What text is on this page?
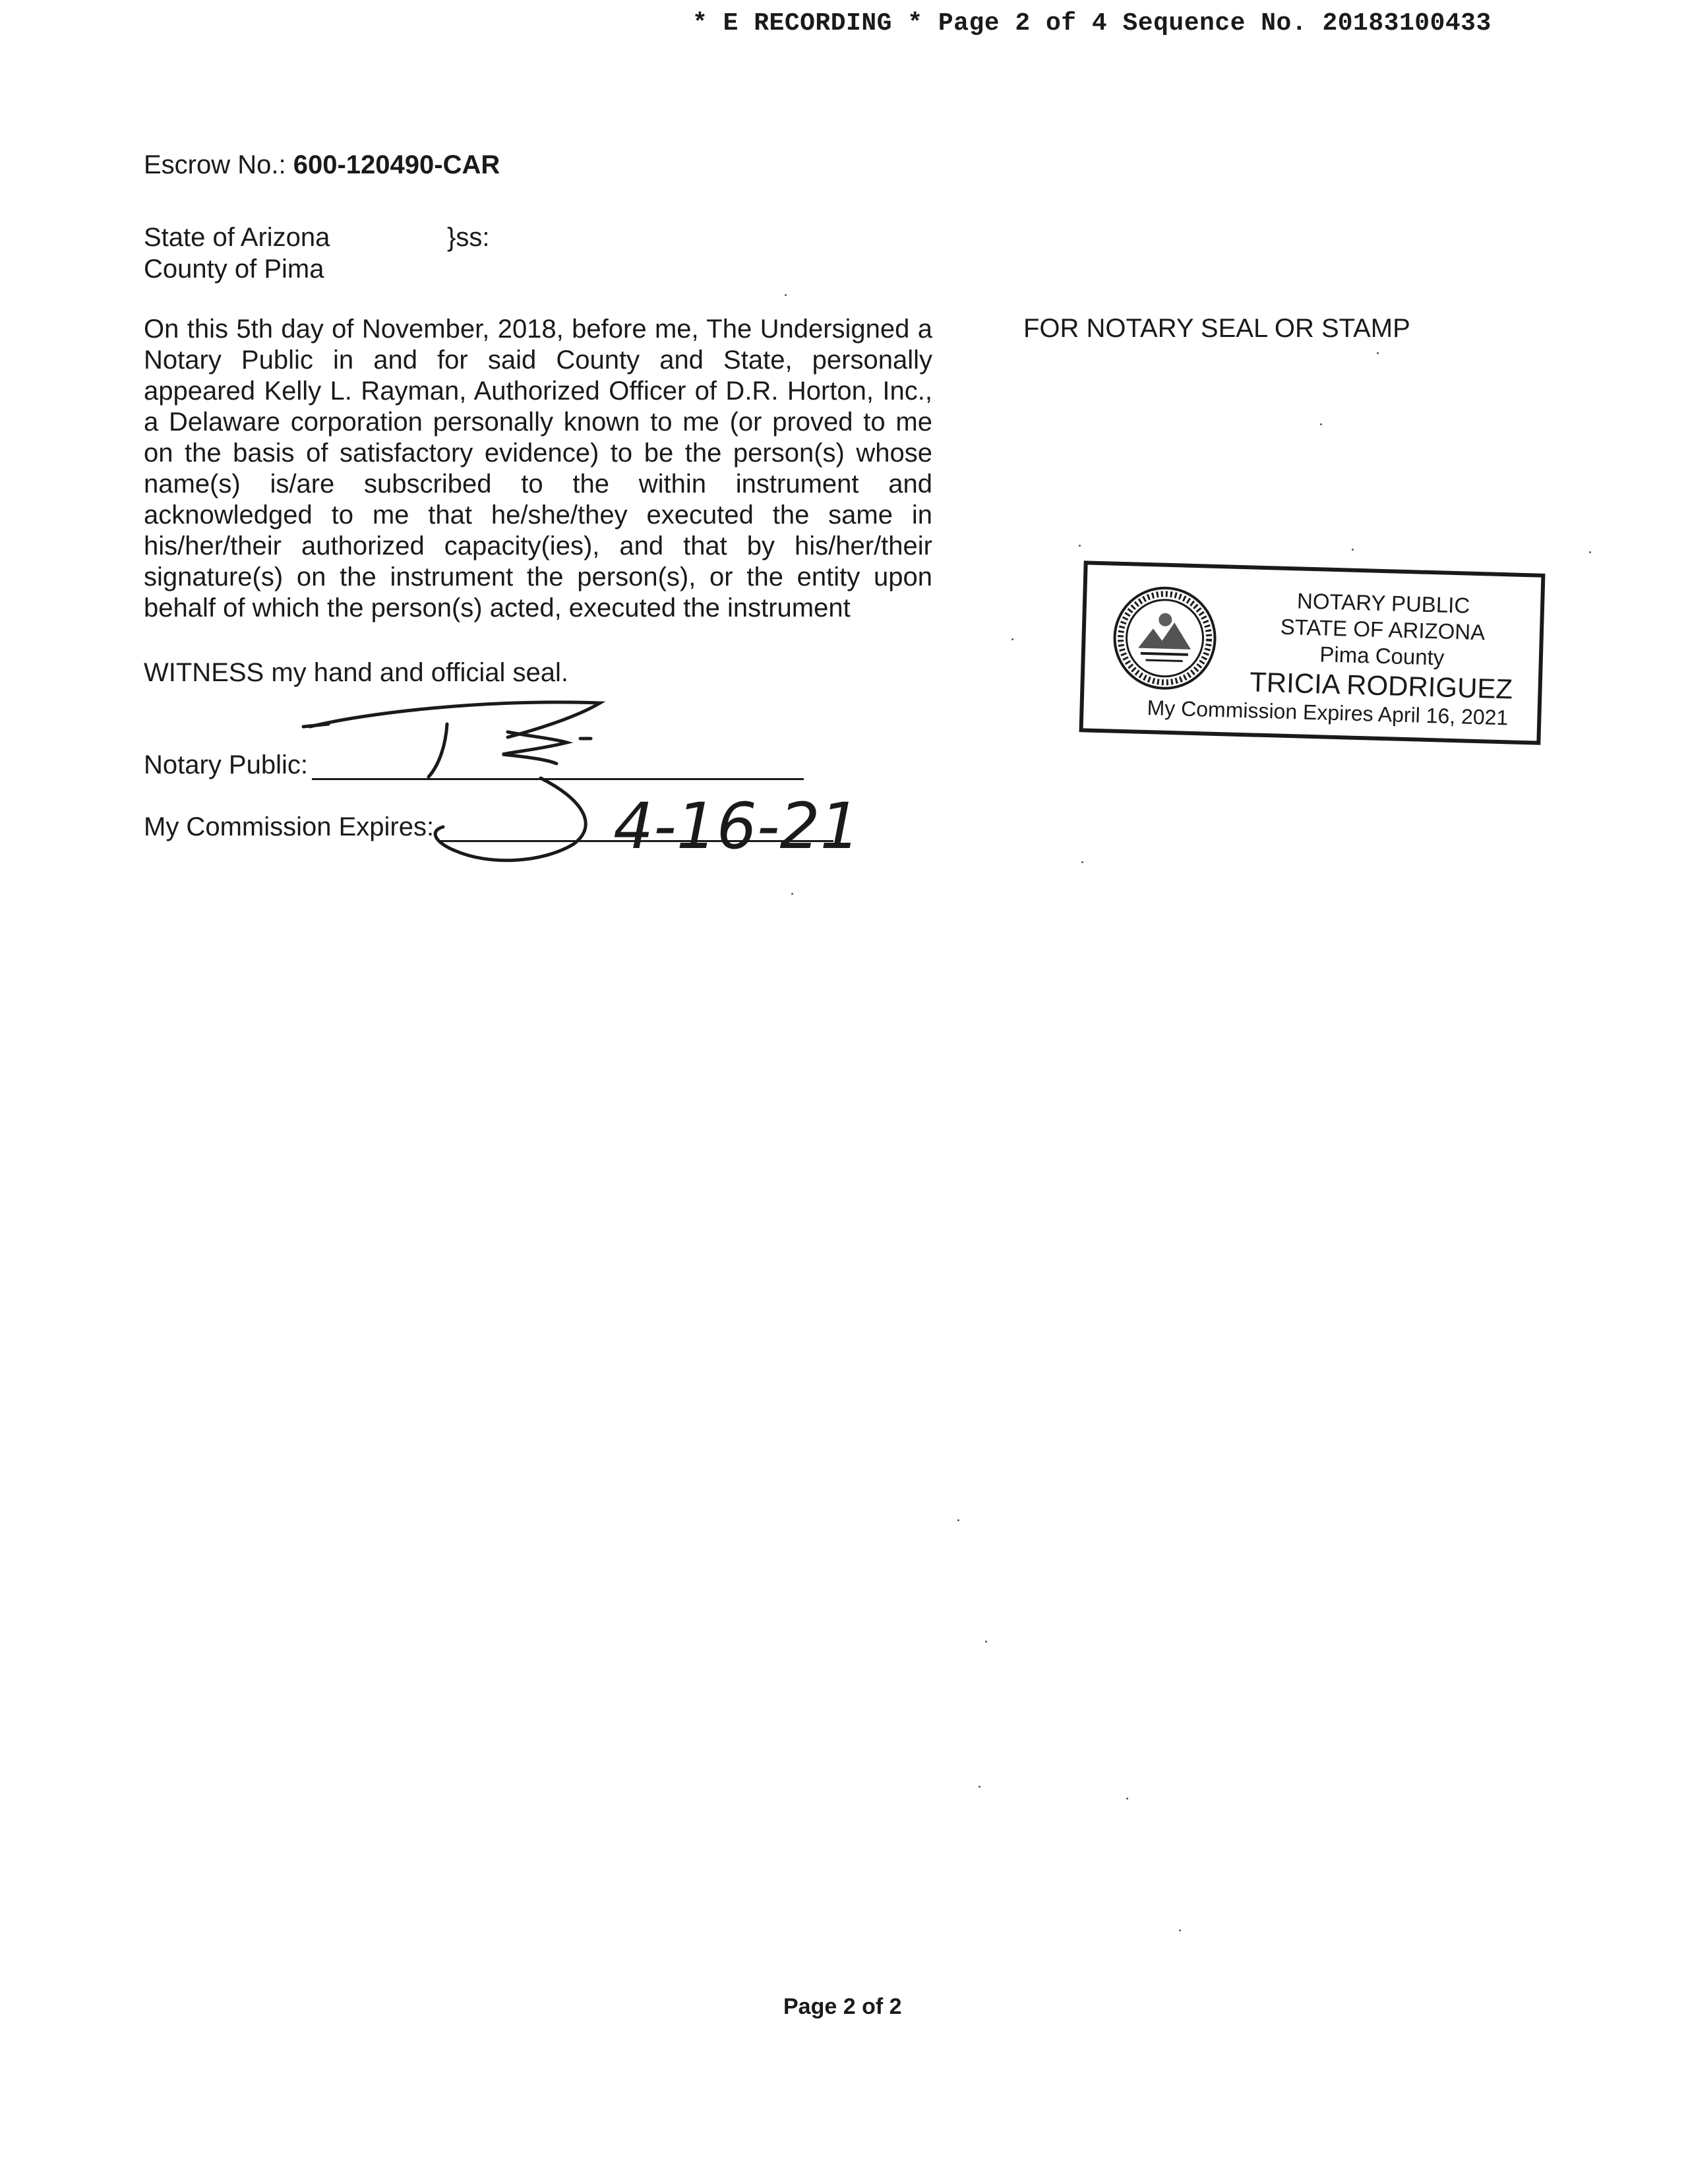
* E RECORDING * Page 2 of 4 Sequence No. 20183100433
Escrow No.: 600-120490-CAR
State of Arizona	}ss:
County of Pima
On this 5th day of November, 2018, before me, The Undersigned a Notary Public in and for said County and State, personally appeared Kelly L. Rayman, Authorized Officer of D.R. Horton, Inc., a Delaware corporation personally known to me (or proved to me on the basis of satisfactory evidence) to be the person(s) whose name(s) is/are subscribed to the within instrument and acknowledged to me that he/she/they executed the same in his/her/their authorized capacity(ies), and that by his/her/their signature(s) on the instrument the person(s), or the entity upon behalf of which the person(s) acted, executed the instrument
FOR NOTARY SEAL OR STAMP
WITNESS my hand and official seal.
Notary Public:
My Commission Expires:	4-16-21
NOTARY PUBLIC
STATE OF ARIZONA
Pima County
TRICIA RODRIGUEZ
My Commission Expires April 16, 2021
Page 2 of 2
